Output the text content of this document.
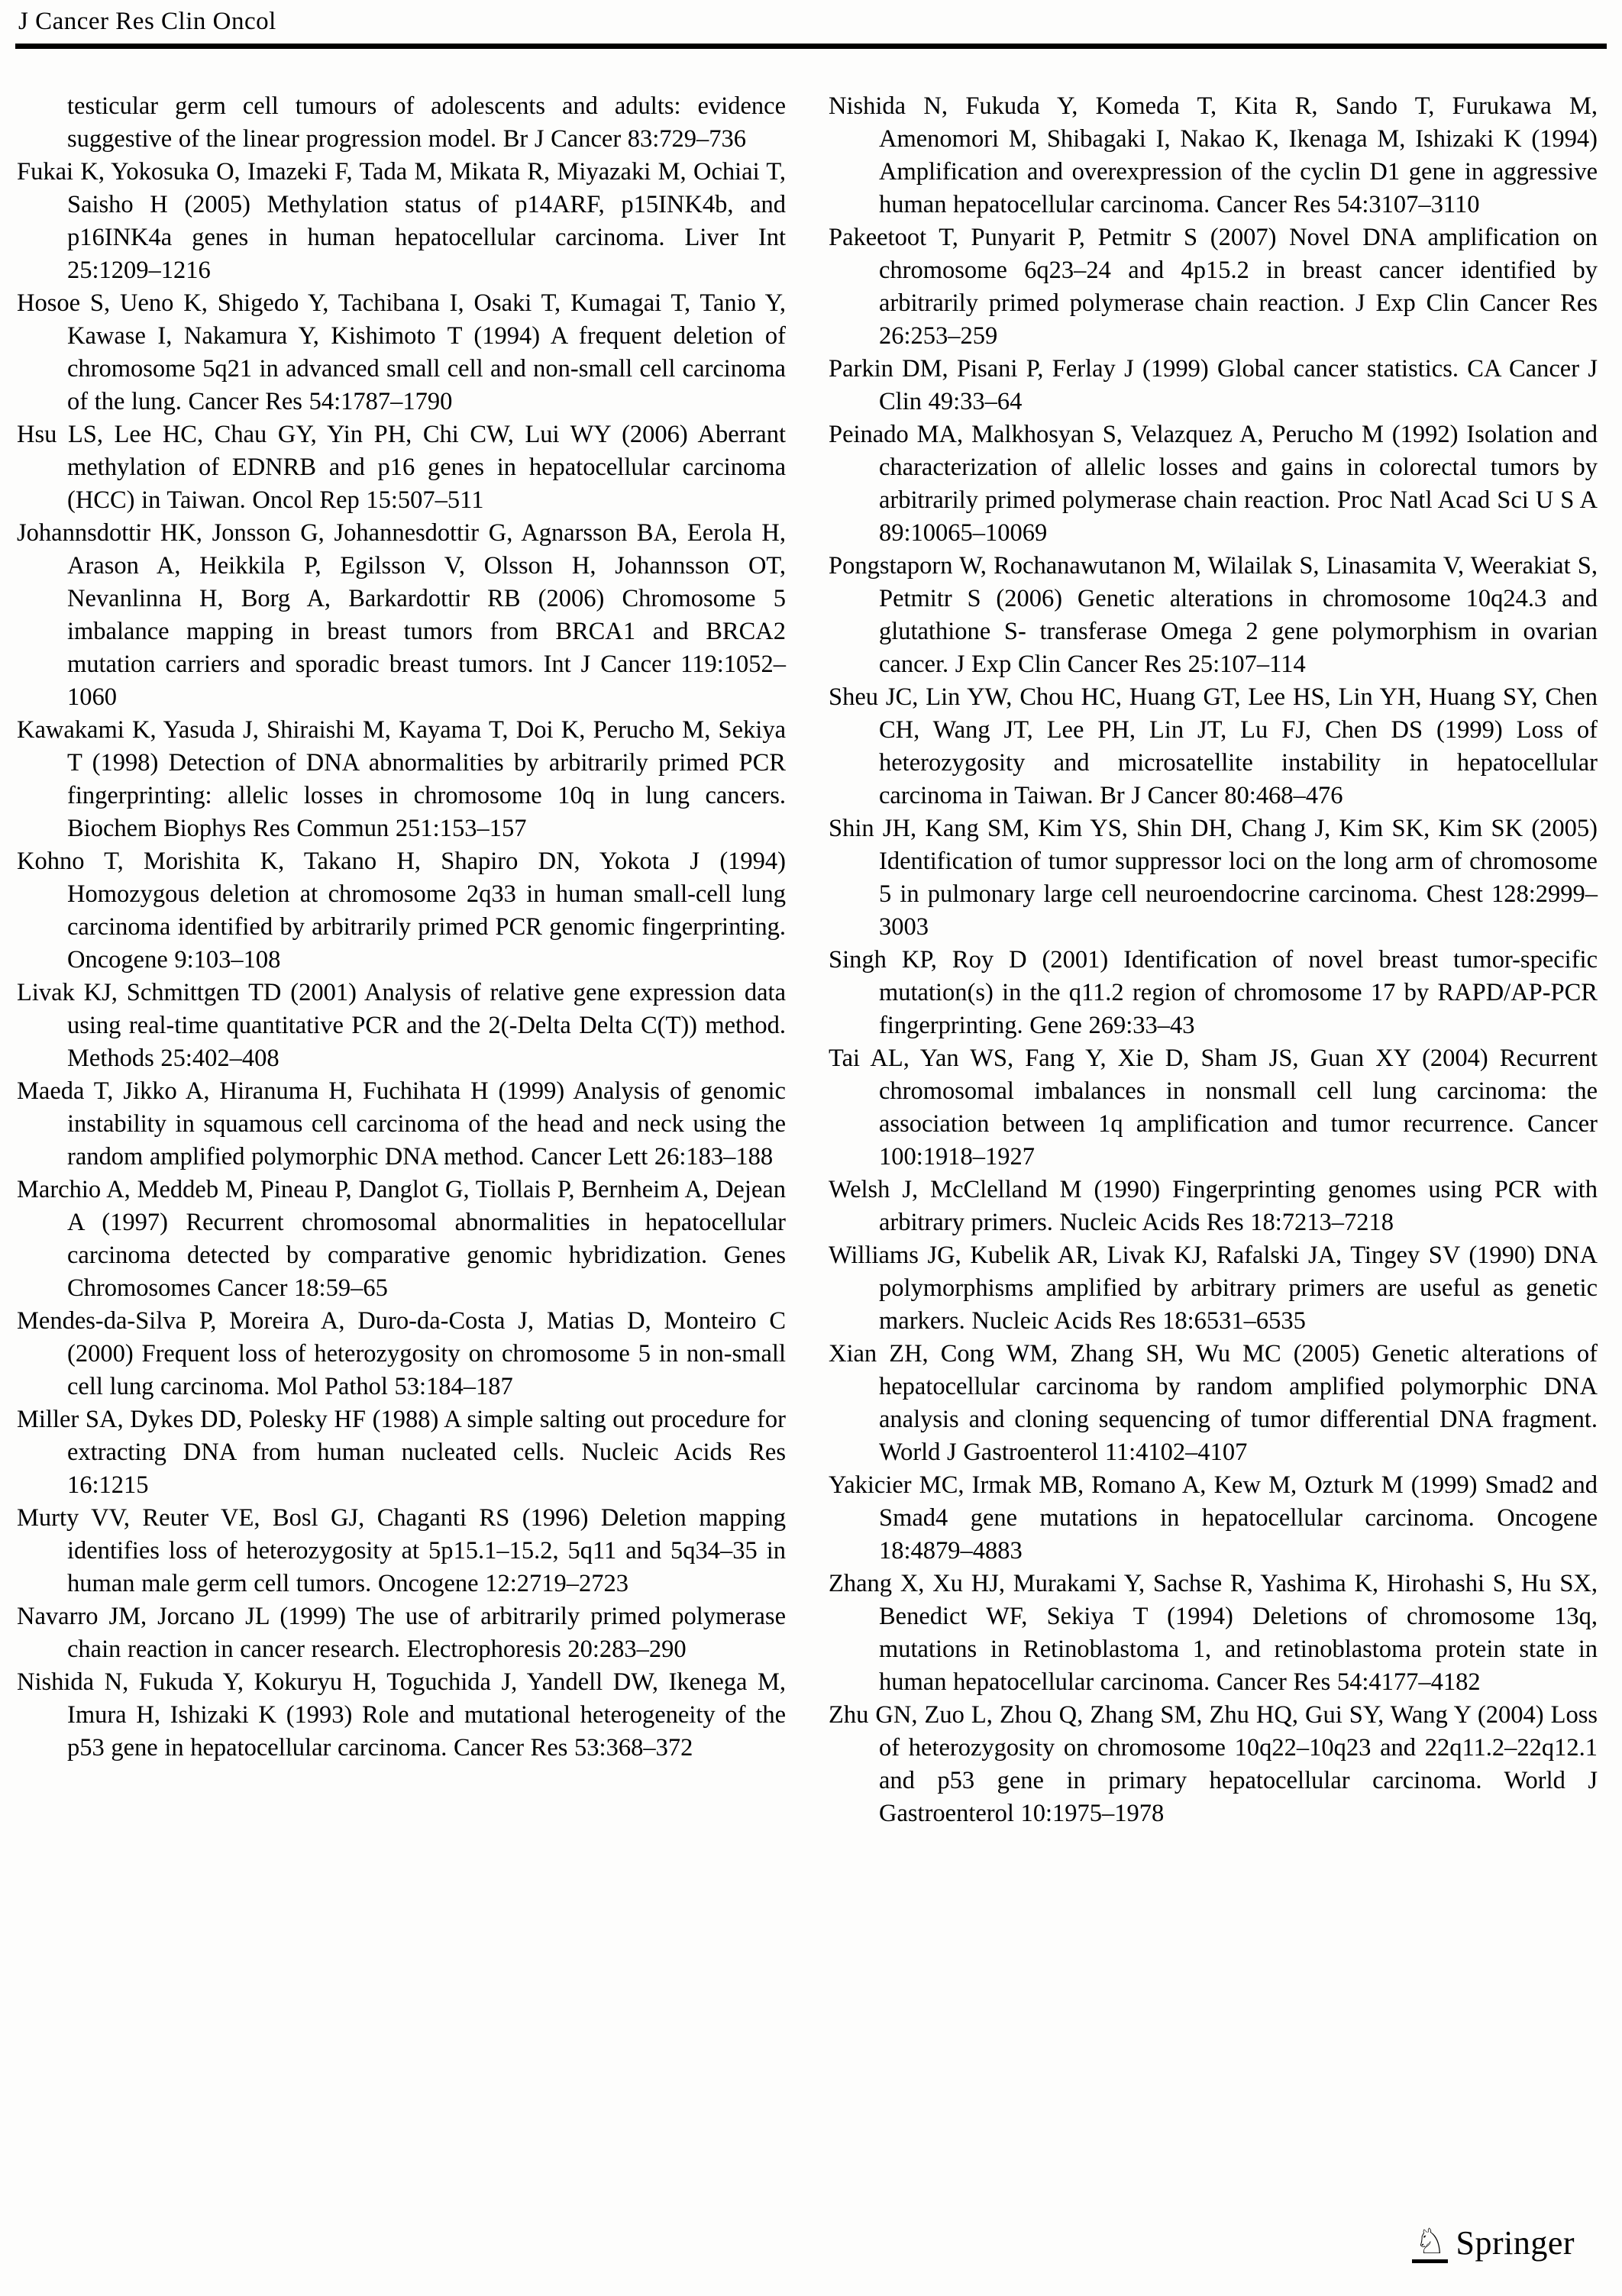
J Cancer Res Clin Oncol

testicular germ cell tumours of adolescents and adults: evidence suggestive of the linear progression model. Br J Cancer 83:729–736

Fukai K, Yokosuka O, Imazeki F, Tada M, Mikata R, Miyazaki M, Ochiai T, Saisho H (2005) Methylation status of p14ARF, p15INK4b, and p16INK4a genes in human hepatocellular carcinoma. Liver Int 25:1209–1216

Hosoe S, Ueno K, Shigedo Y, Tachibana I, Osaki T, Kumagai T, Tanio Y, Kawase I, Nakamura Y, Kishimoto T (1994) A frequent deletion of chromosome 5q21 in advanced small cell and non-small cell carcinoma of the lung. Cancer Res 54:1787–1790

Hsu LS, Lee HC, Chau GY, Yin PH, Chi CW, Lui WY (2006) Aberrant methylation of EDNRB and p16 genes in hepatocellular carcinoma (HCC) in Taiwan. Oncol Rep 15:507–511

Johannsdottir HK, Jonsson G, Johannesdottir G, Agnarsson BA, Eerola H, Arason A, Heikkila P, Egilsson V, Olsson H, Johannsson OT, Nevanlinna H, Borg A, Barkardottir RB (2006) Chromosome 5 imbalance mapping in breast tumors from BRCA1 and BRCA2 mutation carriers and sporadic breast tumors. Int J Cancer 119:1052–1060

Kawakami K, Yasuda J, Shiraishi M, Kayama T, Doi K, Perucho M, Sekiya T (1998) Detection of DNA abnormalities by arbitrarily primed PCR fingerprinting: allelic losses in chromosome 10q in lung cancers. Biochem Biophys Res Commun 251:153–157

Kohno T, Morishita K, Takano H, Shapiro DN, Yokota J (1994) Homozygous deletion at chromosome 2q33 in human small-cell lung carcinoma identified by arbitrarily primed PCR genomic fingerprinting. Oncogene 9:103–108

Livak KJ, Schmittgen TD (2001) Analysis of relative gene expression data using real-time quantitative PCR and the 2(-Delta Delta C(T)) method. Methods 25:402–408

Maeda T, Jikko A, Hiranuma H, Fuchihata H (1999) Analysis of genomic instability in squamous cell carcinoma of the head and neck using the random amplified polymorphic DNA method. Cancer Lett 26:183–188

Marchio A, Meddeb M, Pineau P, Danglot G, Tiollais P, Bernheim A, Dejean A (1997) Recurrent chromosomal abnormalities in hepatocellular carcinoma detected by comparative genomic hybridization. Genes Chromosomes Cancer 18:59–65

Mendes-da-Silva P, Moreira A, Duro-da-Costa J, Matias D, Monteiro C (2000) Frequent loss of heterozygosity on chromosome 5 in non-small cell lung carcinoma. Mol Pathol 53:184–187

Miller SA, Dykes DD, Polesky HF (1988) A simple salting out procedure for extracting DNA from human nucleated cells. Nucleic Acids Res 16:1215

Murty VV, Reuter VE, Bosl GJ, Chaganti RS (1996) Deletion mapping identifies loss of heterozygosity at 5p15.1–15.2, 5q11 and 5q34–35 in human male germ cell tumors. Oncogene 12:2719–2723

Navarro JM, Jorcano JL (1999) The use of arbitrarily primed polymerase chain reaction in cancer research. Electrophoresis 20:283–290

Nishida N, Fukuda Y, Kokuryu H, Toguchida J, Yandell DW, Ikenega M, Imura H, Ishizaki K (1993) Role and mutational heterogeneity of the p53 gene in hepatocellular carcinoma. Cancer Res 53:368–372

Nishida N, Fukuda Y, Komeda T, Kita R, Sando T, Furukawa M, Amenomori M, Shibagaki I, Nakao K, Ikenaga M, Ishizaki K (1994) Amplification and overexpression of the cyclin D1 gene in aggressive human hepatocellular carcinoma. Cancer Res 54:3107–3110

Pakeetoot T, Punyarit P, Petmitr S (2007) Novel DNA amplification on chromosome 6q23–24 and 4p15.2 in breast cancer identified by arbitrarily primed polymerase chain reaction. J Exp Clin Cancer Res 26:253–259

Parkin DM, Pisani P, Ferlay J (1999) Global cancer statistics. CA Cancer J Clin 49:33–64

Peinado MA, Malkhosyan S, Velazquez A, Perucho M (1992) Isolation and characterization of allelic losses and gains in colorectal tumors by arbitrarily primed polymerase chain reaction. Proc Natl Acad Sci U S A 89:10065–10069

Pongstaporn W, Rochanawutanon M, Wilailak S, Linasamita V, Weerakiat S, Petmitr S (2006) Genetic alterations in chromosome 10q24.3 and glutathione S- transferase Omega 2 gene polymorphism in ovarian cancer. J Exp Clin Cancer Res 25:107–114

Sheu JC, Lin YW, Chou HC, Huang GT, Lee HS, Lin YH, Huang SY, Chen CH, Wang JT, Lee PH, Lin JT, Lu FJ, Chen DS (1999) Loss of heterozygosity and microsatellite instability in hepatocellular carcinoma in Taiwan. Br J Cancer 80:468–476

Shin JH, Kang SM, Kim YS, Shin DH, Chang J, Kim SK, Kim SK (2005) Identification of tumor suppressor loci on the long arm of chromosome 5 in pulmonary large cell neuroendocrine carcinoma. Chest 128:2999–3003

Singh KP, Roy D (2001) Identification of novel breast tumor-specific mutation(s) in the q11.2 region of chromosome 17 by RAPD/AP-PCR fingerprinting. Gene 269:33–43

Tai AL, Yan WS, Fang Y, Xie D, Sham JS, Guan XY (2004) Recurrent chromosomal imbalances in nonsmall cell lung carcinoma: the association between 1q amplification and tumor recurrence. Cancer 100:1918–1927

Welsh J, McClelland M (1990) Fingerprinting genomes using PCR with arbitrary primers. Nucleic Acids Res 18:7213–7218

Williams JG, Kubelik AR, Livak KJ, Rafalski JA, Tingey SV (1990) DNA polymorphisms amplified by arbitrary primers are useful as genetic markers. Nucleic Acids Res 18:6531–6535

Xian ZH, Cong WM, Zhang SH, Wu MC (2005) Genetic alterations of hepatocellular carcinoma by random amplified polymorphic DNA analysis and cloning sequencing of tumor differential DNA fragment. World J Gastroenterol 11:4102–4107

Yakicier MC, Irmak MB, Romano A, Kew M, Ozturk M (1999) Smad2 and Smad4 gene mutations in hepatocellular carcinoma. Oncogene 18:4879–4883

Zhang X, Xu HJ, Murakami Y, Sachse R, Yashima K, Hirohashi S, Hu SX, Benedict WF, Sekiya T (1994) Deletions of chromosome 13q, mutations in Retinoblastoma 1, and retinoblastoma protein state in human hepatocellular carcinoma. Cancer Res 54:4177–4182

Zhu GN, Zuo L, Zhou Q, Zhang SM, Zhu HQ, Gui SY, Wang Y (2004) Loss of heterozygosity on chromosome 10q22–10q23 and 22q11.2–22q12.1 and p53 gene in primary hepatocellular carcinoma. World J Gastroenterol 10:1975–1978

♘ Springer
